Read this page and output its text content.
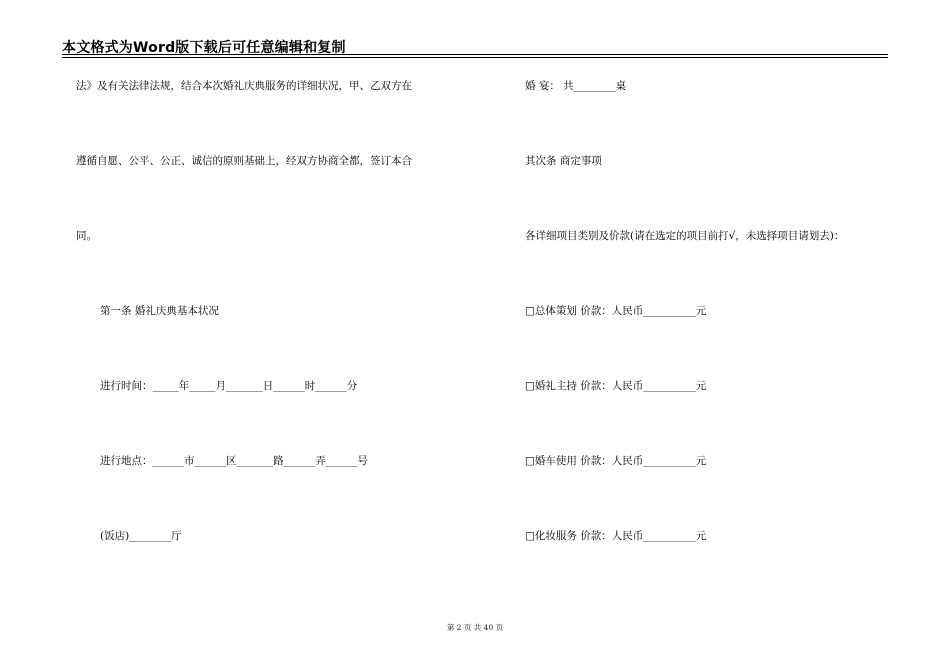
本文格式为Word版下载后可任意编辑和复制
法》及有关法律法规，结合本次婚礼庆典服务的详细状况，甲、乙双方在
遵循自愿、公平、公正、诚信的原则基础上，经双方协商全都，签订本合
同。
第一条 婚礼庆典基本状况
进行时间：_____年_____月_______日______时______分
进行地点：______市______区_______路______弄______号
(饭店)________厅
婚 宴： 共________桌
其次条 商定事项
各详细项目类别及价款(请在选定的项目前打√，未选择项目请划去)：
□总体策划 价款：人民币__________元
□婚礼主持 价款：人民币__________元
□婚车使用 价款：人民币__________元
□化妆服务 价款：人民币__________元
第 2 页 共 40 页
